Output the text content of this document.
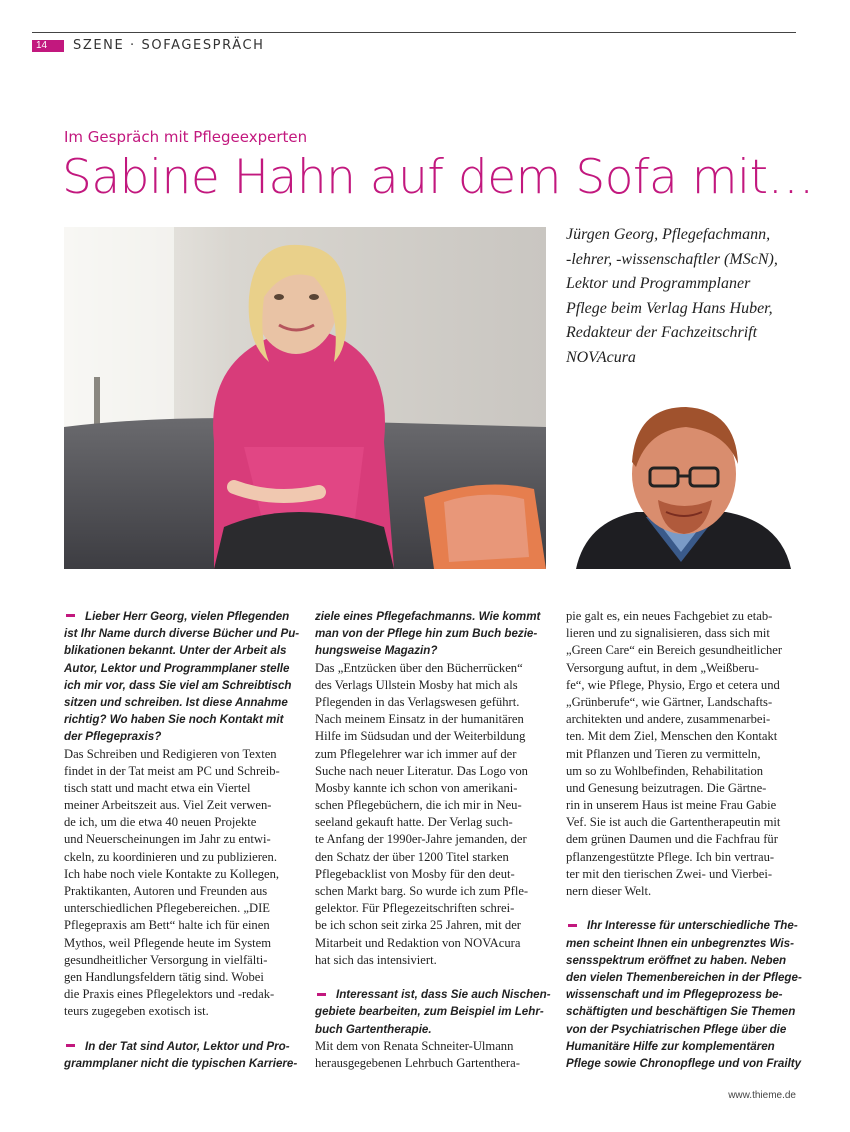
14	SZENE · SOFAGESPRÄCH
Im Gespräch mit Pflegeexperten
Sabine Hahn auf dem Sofa mit…
Jürgen Georg, Pflegefachmann,
-lehrer, -wissenschaftler (MScN),
Lektor und Programmplaner
Pflege beim Verlag Hans Huber,
Redakteur der Fachzeitschrift
NOVAcura
Lieber Herr Georg, vielen Pflegenden
ist Ihr Name durch diverse Bücher und Pu-
blikationen bekannt. Unter der Arbeit als
Autor, Lektor und Programmplaner stelle
ich mir vor, dass Sie viel am Schreibtisch
sitzen und schreiben. Ist diese Annahme
richtig? Wo haben Sie noch Kontakt mit
der Pflegepraxis?
Das Schreiben und Redigieren von Texten
findet in der Tat meist am PC und Schreib-
tisch statt und macht etwa ein Viertel
meiner Arbeitszeit aus. Viel Zeit verwen-
de ich, um die etwa 40 neuen Projekte
und Neuerscheinungen im Jahr zu entwi-
ckeln, zu koordinieren und zu publizieren.
Ich habe noch viele Kontakte zu Kollegen,
Praktikanten, Autoren und Freunden aus
unterschiedlichen Pflegebereichen. „DIE
Pflegepraxis am Bett“ halte ich für einen
Mythos, weil Pflegende heute im System
gesundheitlicher Versorgung in vielfälti-
gen Handlungsfeldern tätig sind. Wobei
die Praxis eines Pflegelektors und -redak-
teurs zugegeben exotisch ist.
In der Tat sind Autor, Lektor und Pro-
grammplaner nicht die typischen Karriere-
ziele eines Pflegefachmanns. Wie kommt
man von der Pflege hin zum Buch bezie-
hungsweise Magazin?
Das „Entzücken über den Bücherrücken“
des Verlags Ullstein Mosby hat mich als
Pflegenden in das Verlagswesen geführt.
Nach meinem Einsatz in der humanitären
Hilfe im Südsudan und der Weiterbildung
zum Pflegelehrer war ich immer auf der
Suche nach neuer Literatur. Das Logo von
Mosby kannte ich schon von amerikani-
schen Pflegebüchern, die ich mir in Neu-
seeland gekauft hatte. Der Verlag such-
te Anfang der 1990er-Jahre jemanden, der
den Schatz der über 1200 Titel starken
Pflegebacklist von Mosby für den deut-
schen Markt barg. So wurde ich zum Pfle-
gelektor. Für Pflegezeitschriften schrei-
be ich schon seit zirka 25 Jahren, mit der
Mitarbeit und Redaktion von NOVAcura
hat sich das intensiviert.
Interessant ist, dass Sie auch Nischen-
gebiete bearbeiten, zum Beispiel im Lehr-
buch Gartentherapie.
Mit dem von Renata Schneiter-Ulmann
herausgegebenen Lehrbuch Gartenthera-
pie galt es, ein neues Fachgebiet zu etab-
lieren und zu signalisieren, dass sich mit
„Green Care“ ein Bereich gesundheitlicher
Versorgung auftut, in dem „Weißberu-
fe“, wie Pflege, Physio, Ergo et cetera und
„Grünberufe“, wie Gärtner, Landschafts-
architekten und andere, zusammenarbei-
ten. Mit dem Ziel, Menschen den Kontakt
mit Pflanzen und Tieren zu vermitteln,
um so zu Wohlbefinden, Rehabilitation
und Genesung beizutragen. Die Gärtne-
rin in unserem Haus ist meine Frau Gabie
Vef. Sie ist auch die Gartentherapeutin mit
dem grünen Daumen und die Fachfrau für
pflanzengestützte Pflege. Ich bin vertrau-
ter mit den tierischen Zwei- und Vierbei-
nern dieser Welt.
Ihr Interesse für unterschiedliche The-
men scheint Ihnen ein unbegrenztes Wis-
sensspektrum eröffnet zu haben. Neben
den vielen Themenbereichen in der Pflege-
wissenschaft und im Pflegeprozess be-
schäftigten und beschäftigen Sie Themen
von der Psychiatrischen Pflege über die
Humanitäre Hilfe zur komplementären
Pflege sowie Chronopflege und von Frailty
www.thieme.de
